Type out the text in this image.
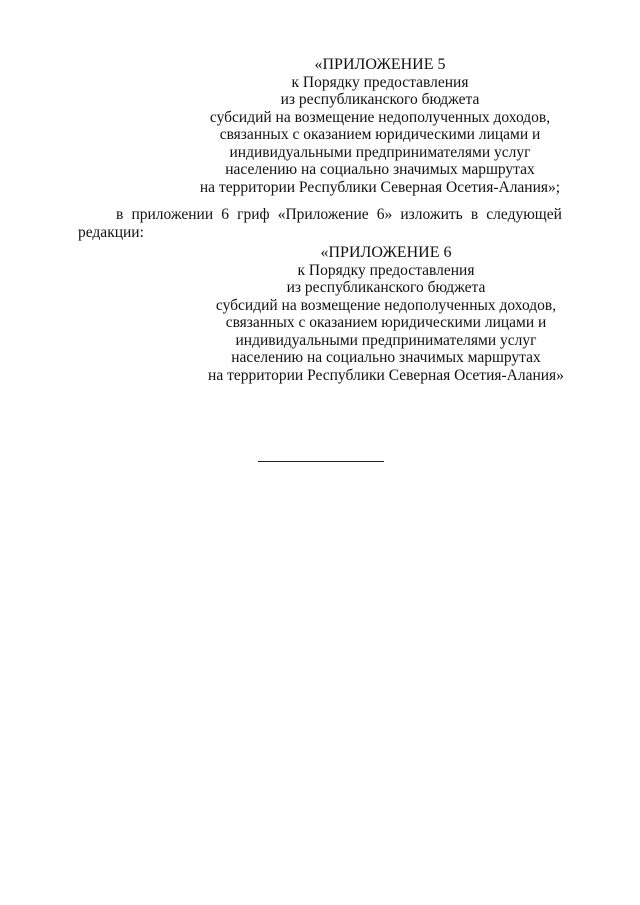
«ПРИЛОЖЕНИЕ 5
к Порядку предоставления
из республиканского бюджета
субсидий на возмещение недополученных доходов,
связанных с оказанием юридическими лицами и
индивидуальными предпринимателями услуг
населению на социально значимых маршрутах
на территории Республики Северная Осетия-Алания»;
в приложении 6 гриф «Приложение 6» изложить в следующей
редакции:
«ПРИЛОЖЕНИЕ 6
к Порядку предоставления
из республиканского бюджета
субсидий на возмещение недополученных доходов,
связанных с оказанием юридическими лицами и
индивидуальными предпринимателями услуг
населению на социально значимых маршрутах
на территории Республики Северная Осетия-Алания»
